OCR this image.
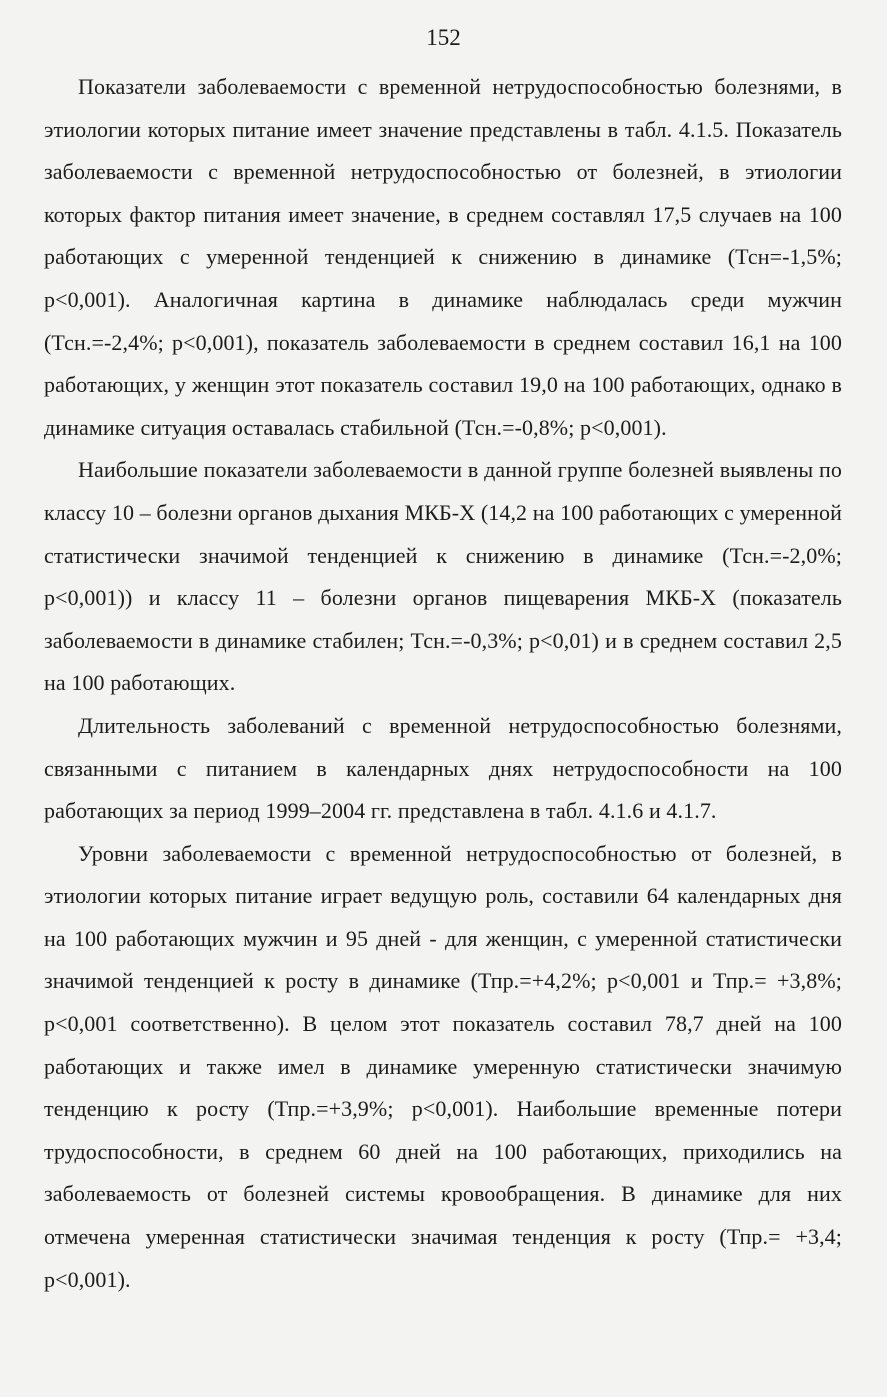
152

Показатели заболеваемости с временной нетрудоспособностью болезнями, в этиологии которых питание имеет значение представлены в табл. 4.1.5. Показатель заболеваемости с временной нетрудоспособностью от болезней, в этиологии которых фактор питания имеет значение, в среднем составлял 17,5 случаев на 100 работающих с умеренной тенденцией к снижению в динамике (Тсн=-1,5%; p<0,001). Аналогичная картина в динамике наблюдалась среди мужчин (Тсн.=-2,4%; p<0,001), показатель заболеваемости в среднем составил 16,1 на 100 работающих, у женщин этот показатель составил 19,0 на 100 работающих, однако в динамике ситуация оставалась стабильной (Тсн.=-0,8%; p<0,001).

Наибольшие показатели заболеваемости в данной группе болезней выявлены по классу 10 – болезни органов дыхания МКБ-X (14,2 на 100 работающих с умеренной статистически значимой тенденцией к снижению в динамике (Тсн.=-2,0%; p<0,001)) и классу 11 – болезни органов пищеварения МКБ-X (показатель заболеваемости в динамике стабилен; Тсн.=-0,3%; p<0,01) и в среднем составил 2,5 на 100 работающих.

Длительность заболеваний с временной нетрудоспособностью болезнями, связанными с питанием в календарных днях нетрудоспособности на 100 работающих за период 1999–2004 гг. представлена в табл. 4.1.6 и 4.1.7.

Уровни заболеваемости с временной нетрудоспособностью от болезней, в этиологии которых питание играет ведущую роль, составили 64 календарных дня на 100 работающих мужчин и 95 дней - для женщин, с умеренной статистически значимой тенденцией к росту в динамике (Тпр.=+4,2%; p<0,001 и Тпр.= +3,8%; p<0,001 соответственно). В целом этот показатель составил 78,7 дней на 100 работающих и также имел в динамике умеренную статистически значимую тенденцию к росту (Тпр.=+3,9%; p<0,001). Наибольшие временные потери трудоспособности, в среднем 60 дней на 100 работающих, приходились на заболеваемость от болезней системы кровообращения. В динамике для них отмечена умеренная статистически значимая тенденция к росту (Тпр.= +3,4; p<0,001).
